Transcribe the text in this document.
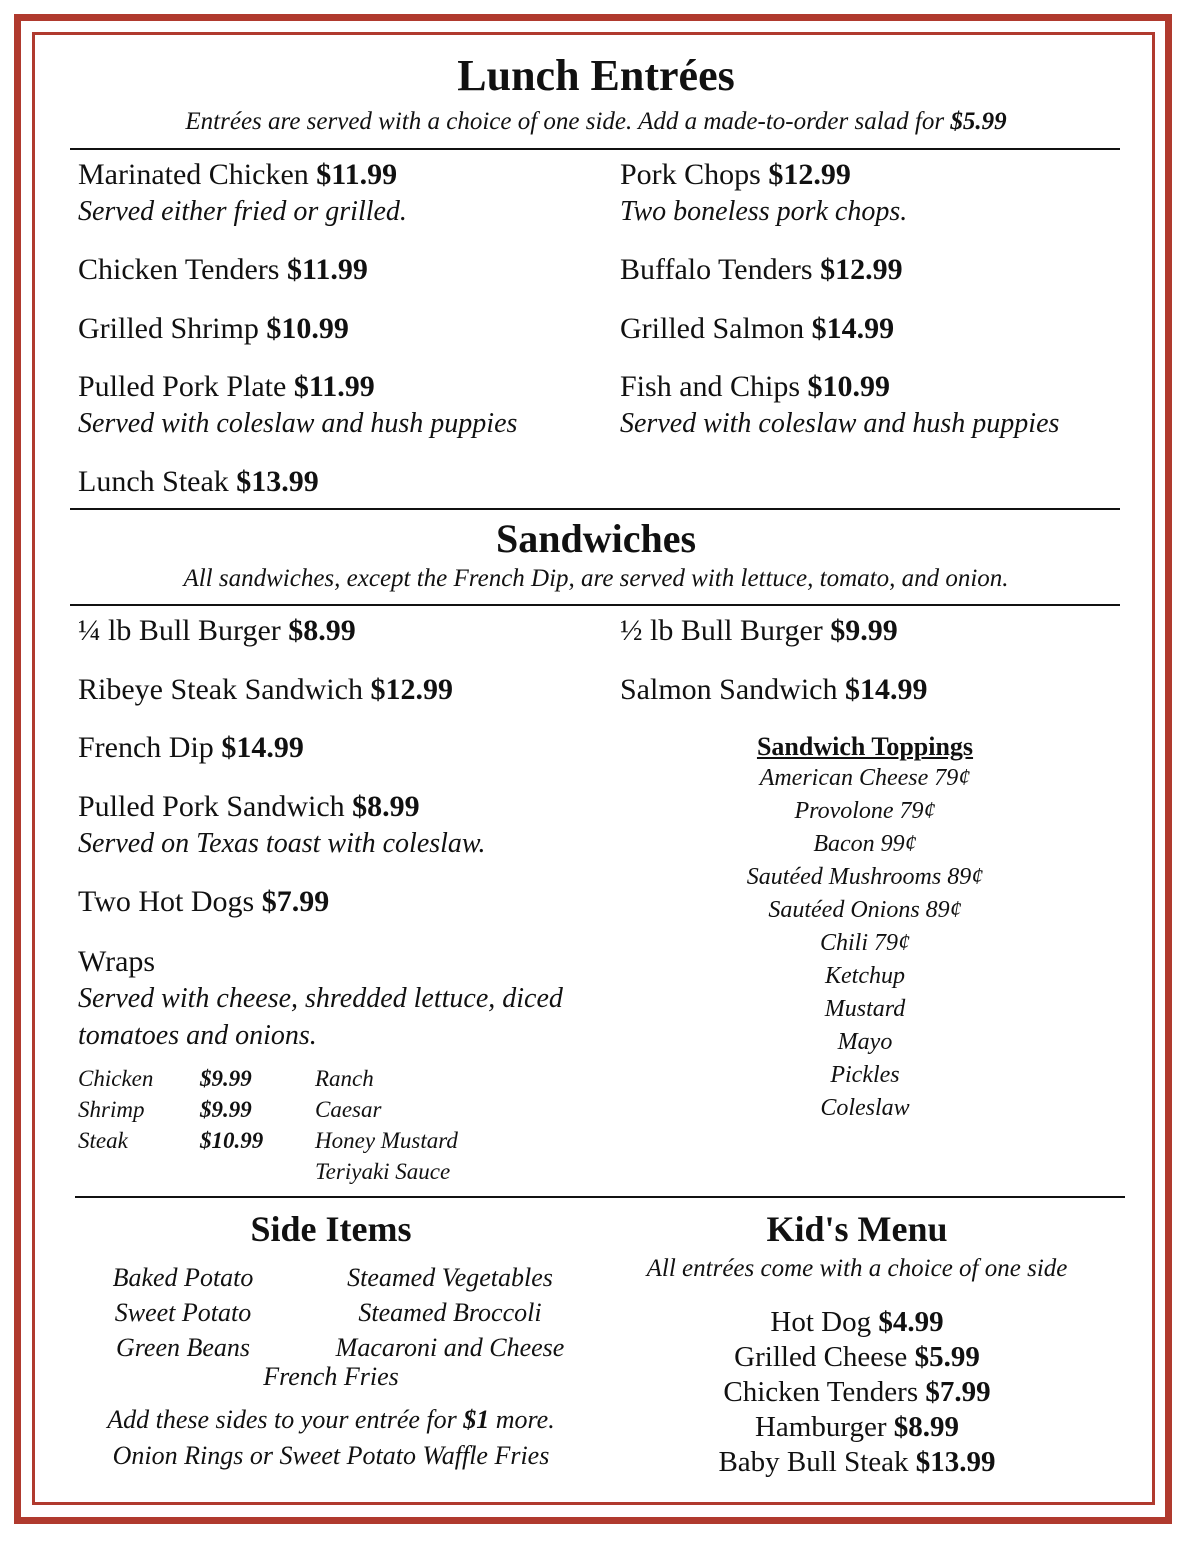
Lunch Entrées
Entrées are served with a choice of one side. Add a made-to-order salad for $5.99
Marinated Chicken $11.99
Served either fried or grilled.
Chicken Tenders $11.99
Grilled Shrimp $10.99
Pulled Pork Plate $11.99
Served with coleslaw and hush puppies
Lunch Steak $13.99
Pork Chops $12.99
Two boneless pork chops.
Buffalo Tenders $12.99
Grilled Salmon $14.99
Fish and Chips $10.99
Served with coleslaw and hush puppies
Sandwiches
All sandwiches, except the French Dip, are served with lettuce, tomato, and onion.
¼ lb Bull Burger $8.99
Ribeye Steak Sandwich $12.99
French Dip $14.99
Pulled Pork Sandwich $8.99
Served on Texas toast with coleslaw.
Two Hot Dogs $7.99
Wraps
Served with cheese, shredded lettuce, diced
tomatoes and onions.
Chicken
Shrimp
Steak
$9.99
$9.99
$10.99
Ranch
Caesar
Honey Mustard
Teriyaki Sauce
½ lb Bull Burger $9.99
Salmon Sandwich $14.99
Sandwich Toppings
American Cheese 79¢
Provolone 79¢
Bacon 99¢
Sautéed Mushrooms 89¢
Sautéed Onions 89¢
Chili 79¢
Ketchup
Mustard
Mayo
Pickles
Coleslaw
Side Items
Baked Potato
Sweet Potato
Green Beans
Steamed Vegetables
Steamed Broccoli
Macaroni and Cheese
French Fries
Add these sides to your entrée for $1 more.
Onion Rings or Sweet Potato Waffle Fries
Kid's Menu
All entrées come with a choice of one side
Hot Dog $4.99
Grilled Cheese $5.99
Chicken Tenders $7.99
Hamburger $8.99
Baby Bull Steak $13.99
